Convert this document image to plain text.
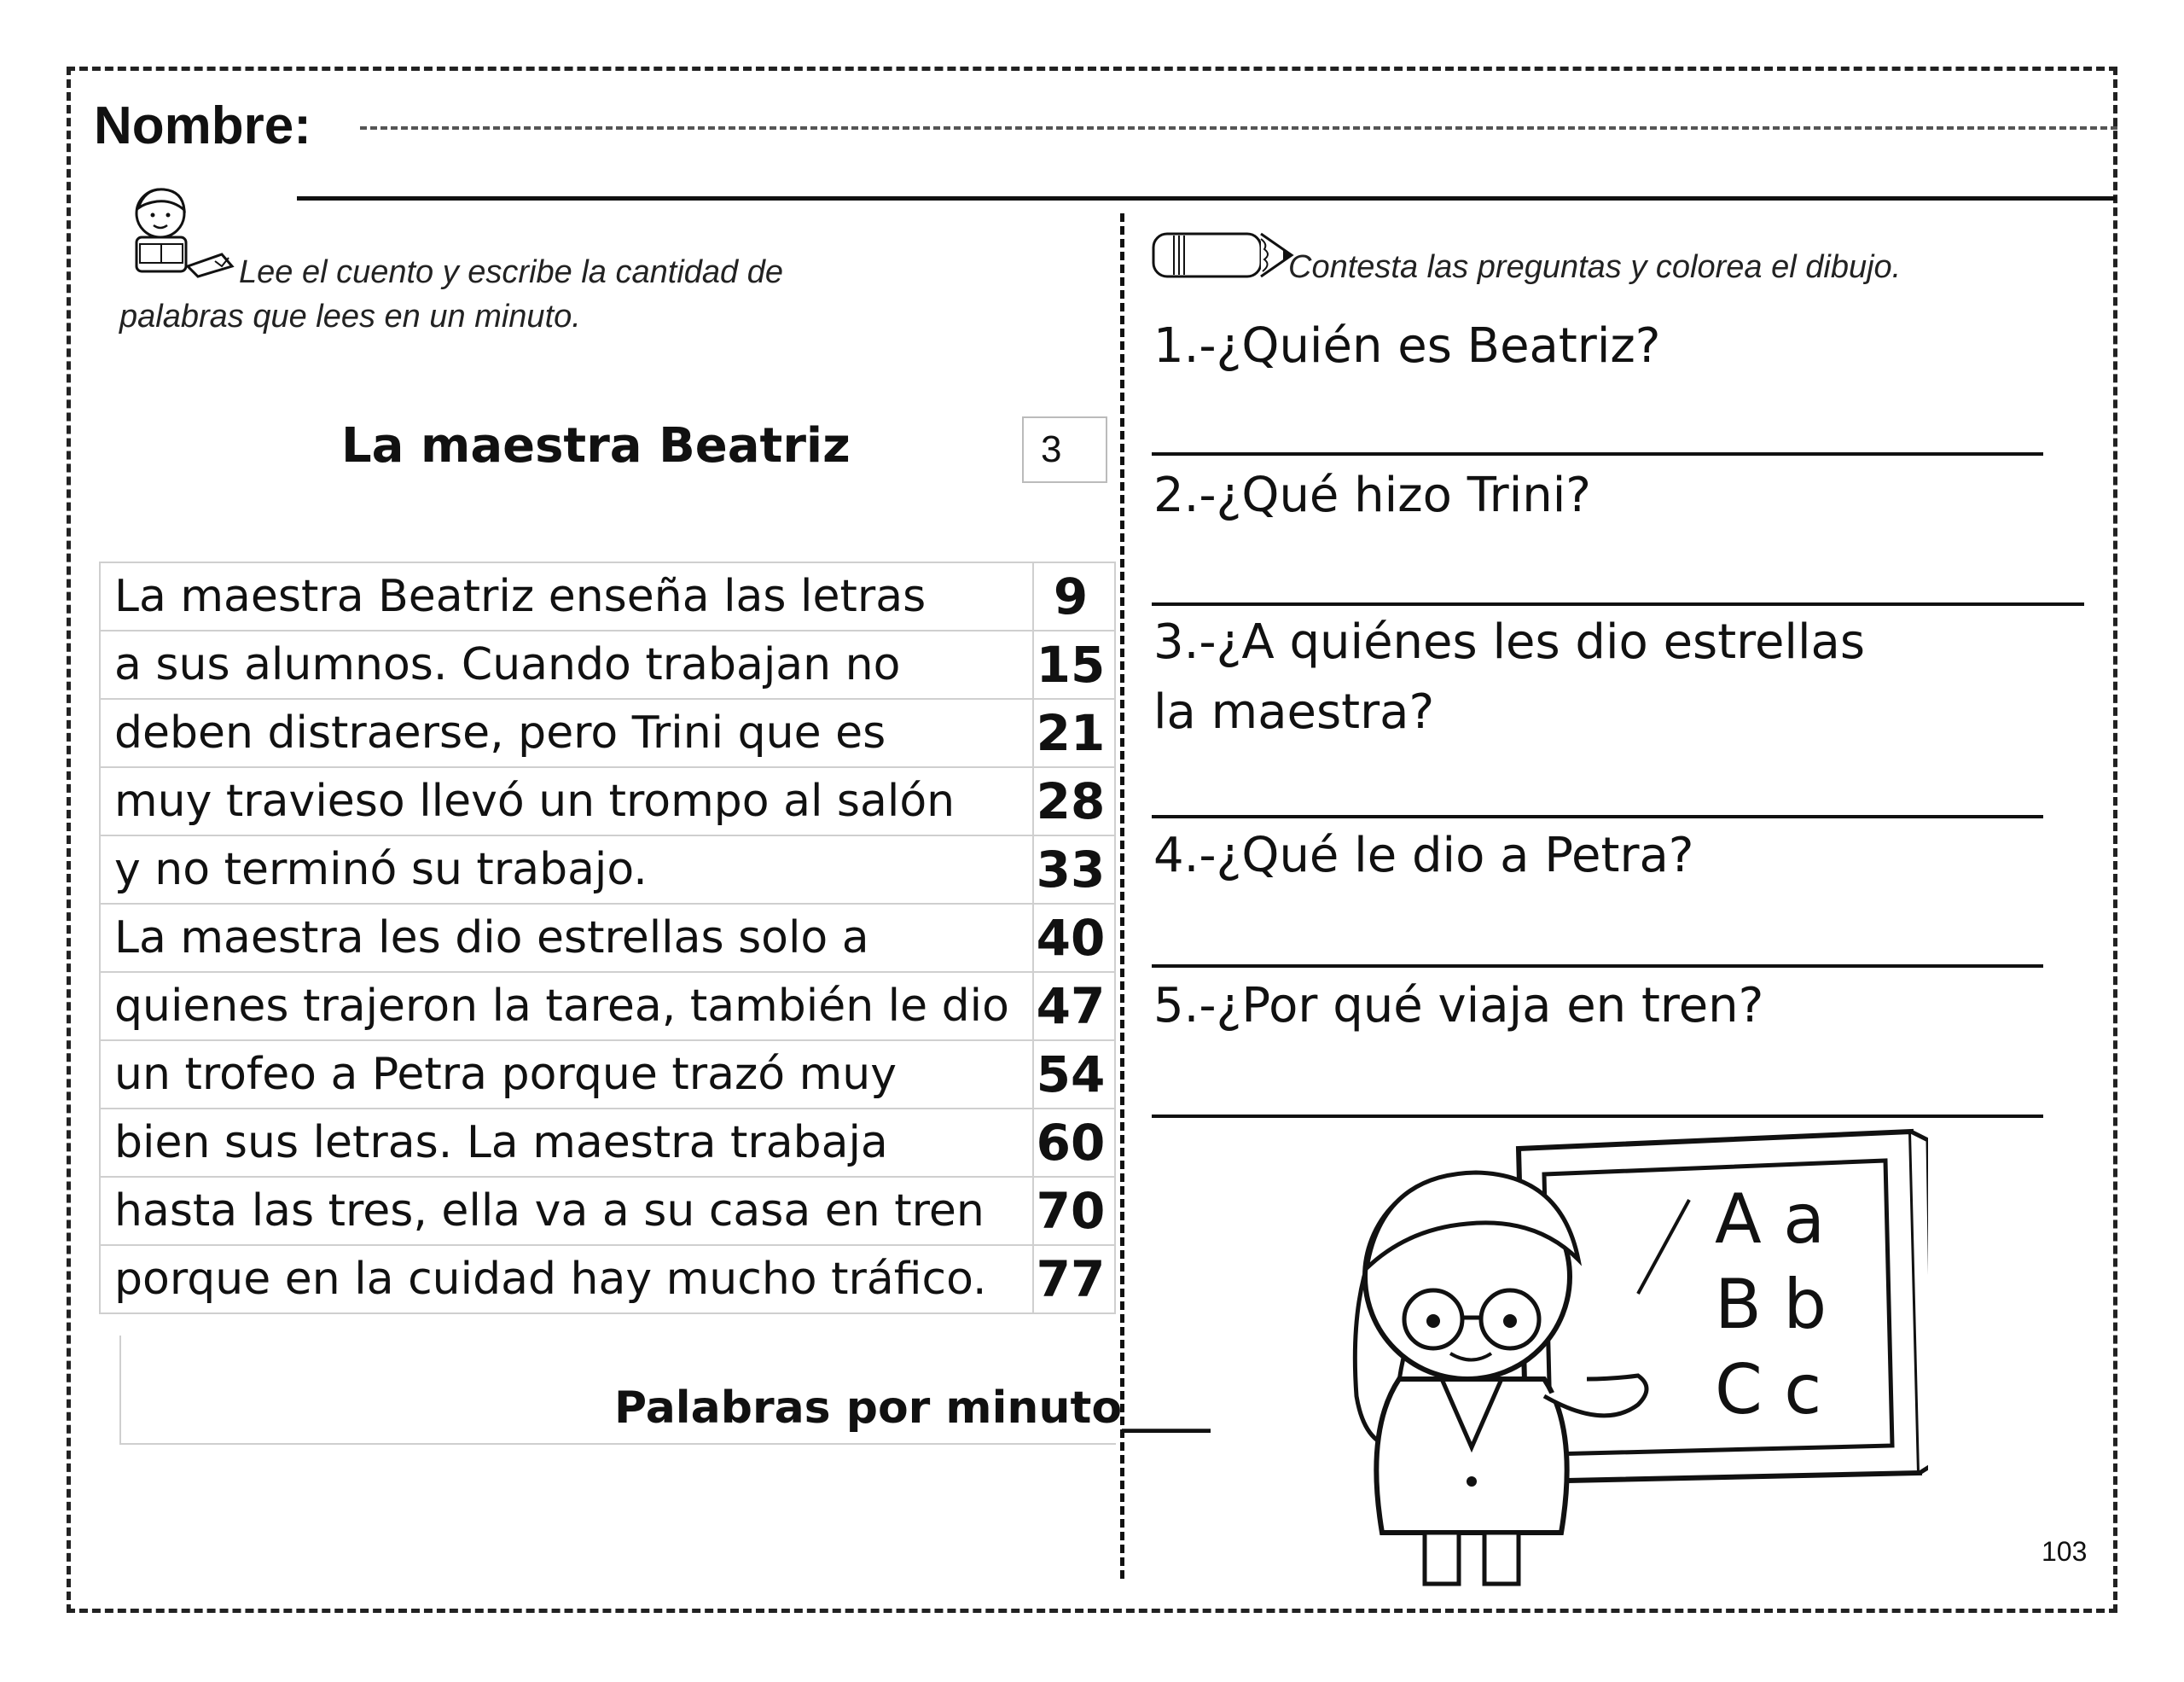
Nombre:
Lee el cuento y escribe la cantidad de
palabras que lees en un minuto.
La maestra Beatriz	3
La maestra Beatriz enseña las letras	9
a sus alumnos. Cuando trabajan no	15
deben distraerse, pero Trini que es	21
muy travieso llevó un trompo al salón	28
y no terminó su trabajo.	33
La maestra les dio estrellas solo a	40
quienes trajeron la tarea, también le dio	47
un trofeo a Petra porque trazó muy	54
bien sus letras. La maestra trabaja	60
hasta las tres, ella va a su casa en tren	70
porque en la cuidad hay mucho tráfico.	77
Palabras por minuto____
Contesta las preguntas y colorea el dibujo.
1.-¿Quién es Beatriz?
2.-¿Qué hizo Trini?
3.-¿A quiénes les dio estrellas la maestra?
4.-¿Qué le dio a Petra?
5.-¿Por qué viaja en tren?
A a
B b
C c
103
